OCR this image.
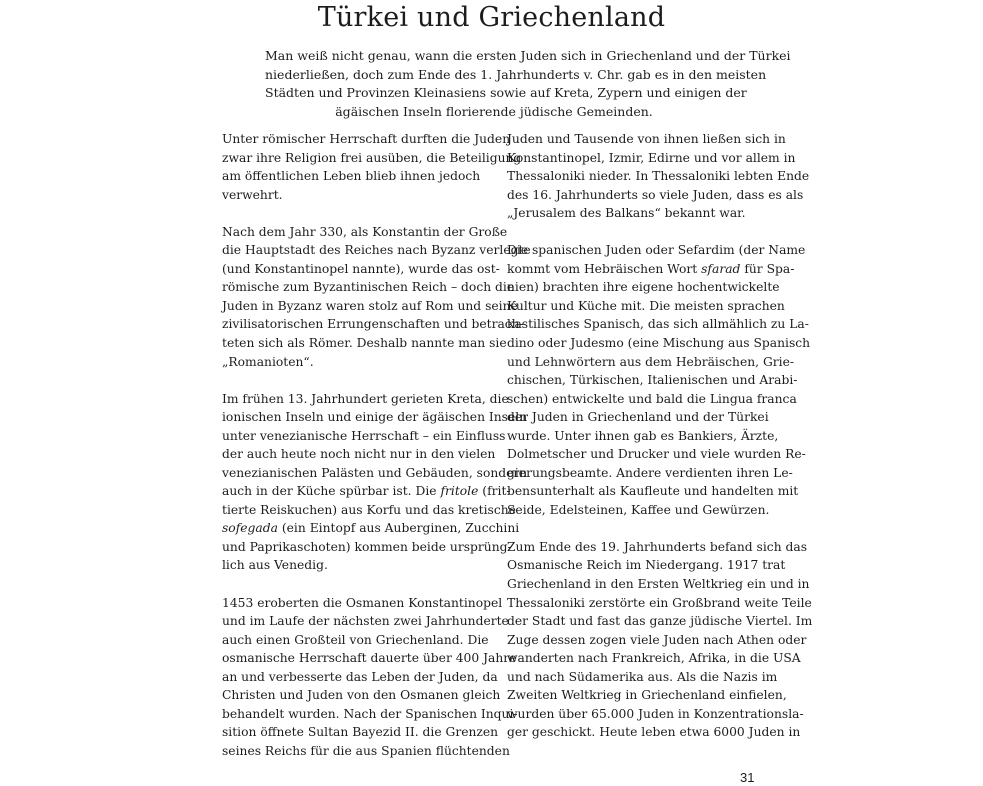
Türkei und Griechenland

Man weiß nicht genau, wann die ersten Juden sich in Griechenland und der Türkei
niederließen, doch zum Ende des 1. Jahrhunderts v. Chr. gab es in den meisten
Städten und Provinzen Kleinasiens sowie auf Kreta, Zypern und einigen der
ägäischen Inseln florierende jüdische Gemeinden.

Unter römischer Herrschaft durften die Juden
zwar ihre Religion frei ausüben, die Beteiligung
am öffentlichen Leben blieb ihnen jedoch
verwehrt.

Nach dem Jahr 330, als Konstantin der Große
die Hauptstadt des Reiches nach Byzanz verlegte
(und Konstantinopel nannte), wurde das ost-
römische zum Byzantinischen Reich – doch die
Juden in Byzanz waren stolz auf Rom und seine
zivilisatorischen Errungenschaften und betrach-
teten sich als Römer. Deshalb nannte man sie
„Romanioten“.

Im frühen 13. Jahrhundert gerieten Kreta, die
ionischen Inseln und einige der ägäischen Inseln
unter venezianische Herrschaft – ein Einfluss
der auch heute noch nicht nur in den vielen
venezianischen Palästen und Gebäuden, sondern
auch in der Küche spürbar ist. Die fritole (frit-
tierte Reiskuchen) aus Korfu und das kretische
sofegada (ein Eintopf aus Auberginen, Zucchini
und Paprikaschoten) kommen beide ursprüng-
lich aus Venedig.

1453 eroberten die Osmanen Konstantinopel
und im Laufe der nächsten zwei Jahrhunderte
auch einen Großteil von Griechenland. Die
osmanische Herrschaft dauerte über 400 Jahre
an und verbesserte das Leben der Juden, da
Christen und Juden von den Osmanen gleich
behandelt wurden. Nach der Spanischen Inqui-
sition öffnete Sultan Bayezid II. die Grenzen
seines Reichs für die aus Spanien flüchtenden

Juden und Tausende von ihnen ließen sich in
Konstantinopel, Izmir, Edirne und vor allem in
Thessaloniki nieder. In Thessaloniki lebten Ende
des 16. Jahrhunderts so viele Juden, dass es als
„Jerusalem des Balkans“ bekannt war.

Die spanischen Juden oder Sefardim (der Name
kommt vom Hebräischen Wort sfarad für Spa-
nien) brachten ihre eigene hochentwickelte
Kultur und Küche mit. Die meisten sprachen
kastilisches Spanisch, das sich allmählich zu La-
dino oder Judesmo (eine Mischung aus Spanisch
und Lehnwörtern aus dem Hebräischen, Grie-
chischen, Türkischen, Italienischen und Arabi-
schen) entwickelte und bald die Lingua franca
der Juden in Griechenland und der Türkei
wurde. Unter ihnen gab es Bankiers, Ärzte,
Dolmetscher und Drucker und viele wurden Re-
gierungsbeamte. Andere verdienten ihren Le-
bensunterhalt als Kaufleute und handelten mit
Seide, Edelsteinen, Kaffee und Gewürzen.

Zum Ende des 19. Jahrhunderts befand sich das
Osmanische Reich im Niedergang. 1917 trat
Griechenland in den Ersten Weltkrieg ein und in
Thessaloniki zerstörte ein Großbrand weite Teile
der Stadt und fast das ganze jüdische Viertel. Im
Zuge dessen zogen viele Juden nach Athen oder
wanderten nach Frankreich, Afrika, in die USA
und nach Südamerika aus. Als die Nazis im
Zweiten Weltkrieg in Griechenland einfielen,
wurden über 65.000 Juden in Konzentrationsla-
ger geschickt. Heute leben etwa 6000 Juden in

31
